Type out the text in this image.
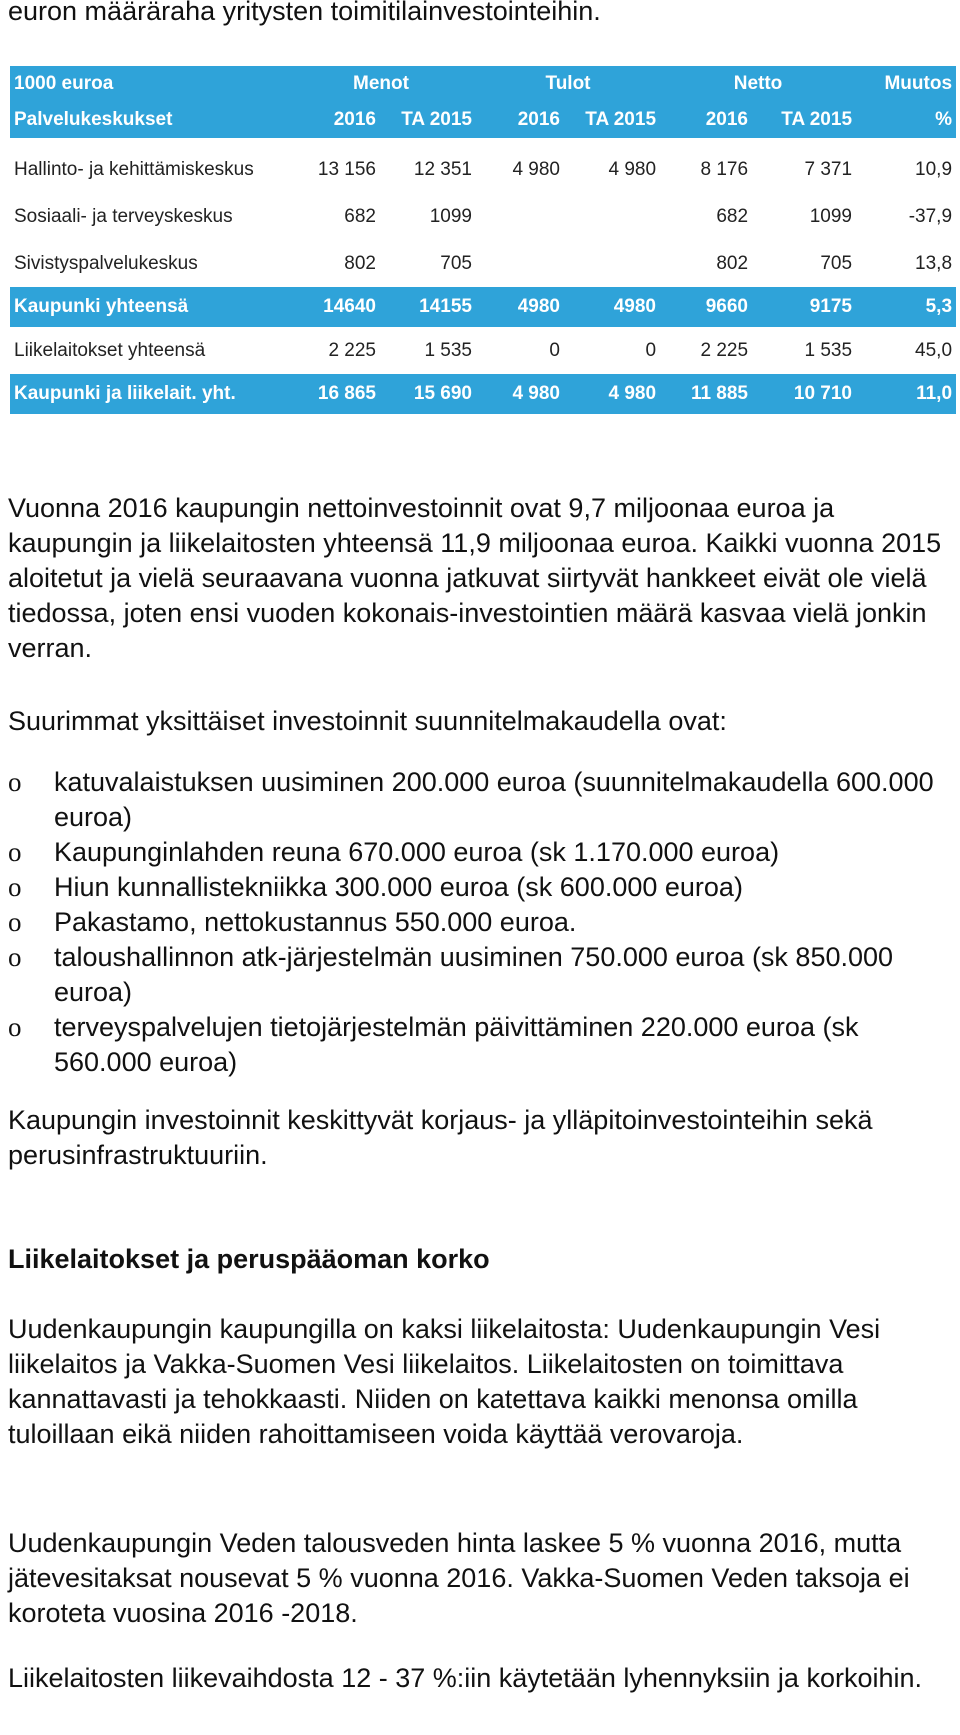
euron määräraha yritysten toimitilainvestointeihin.

1000 euroa	Menot		Tulot		Netto		Muutos
Palvelukeskukset	2016	TA 2015	2016	TA 2015	2016	TA 2015	%

Hallinto- ja kehittämiskeskus	13 156	12 351	4 980	4 980	8 176	7 371	10,9
Sosiaali- ja terveyskeskus	682	1099			682	1099	-37,9
Sivistyspalvelukeskus	802	705			802	705	13,8
Kaupunki yhteensä	14640	14155	4980	4980	9660	9175	5,3
Liikelaitokset yhteensä	2 225	1 535	0	0	2 225	1 535	45,0
Kaupunki ja liikelait. yht.	16 865	15 690	4 980	4 980	11 885	10 710	11,0

Vuonna 2016 kaupungin nettoinvestoinnit ovat 9,7 miljoonaa euroa ja kaupungin ja liikelaitosten yhteensä 11,9 miljoonaa euroa. Kaikki vuonna 2015 aloitetut ja vielä seuraavana vuonna jatkuvat siirtyvät hankkeet eivät ole vielä tiedossa, joten ensi vuoden kokonais-investointien määrä kasvaa vielä jonkin verran.

Suurimmat yksittäiset investoinnit suunnitelmakaudella ovat:

o katuvalaistuksen uusiminen 200.000 euroa (suunnitelmakaudella 600.000 euroa)
o Kaupunginlahden reuna 670.000 euroa (sk 1.170.000 euroa)
o Hiun kunnallistekniikka 300.000 euroa (sk 600.000 euroa)
o Pakastamo, nettokustannus 550.000 euroa.
o taloushallinnon atk-järjestelmän uusiminen 750.000 euroa (sk 850.000 euroa)
o terveyspalvelujen tietojärjestelmän päivittäminen 220.000 euroa (sk 560.000 euroa)

Kaupungin investoinnit keskittyvät korjaus- ja ylläpitoinvestointeihin sekä perusinfrastruktuuriin.

Liikelaitokset ja peruspääoman korko

Uudenkaupungin kaupungilla on kaksi liikelaitosta: Uudenkaupungin Vesi liikelaitos ja Vakka-Suomen Vesi liikelaitos. Liikelaitosten on toimittava kannattavasti ja tehokkaasti. Niiden on katettava kaikki menonsa omilla tuloillaan eikä niiden rahoittamiseen voida käyttää verovaroja.

Uudenkaupungin Veden talousveden hinta laskee 5 % vuonna 2016, mutta jätevesitaksat nousevat 5 % vuonna 2016. Vakka-Suomen Veden taksoja ei koroteta vuosina 2016 -2018.

Liikelaitosten liikevaihdosta 12 - 37 %:iin käytetään lyhennyksiin ja korkoihin.
